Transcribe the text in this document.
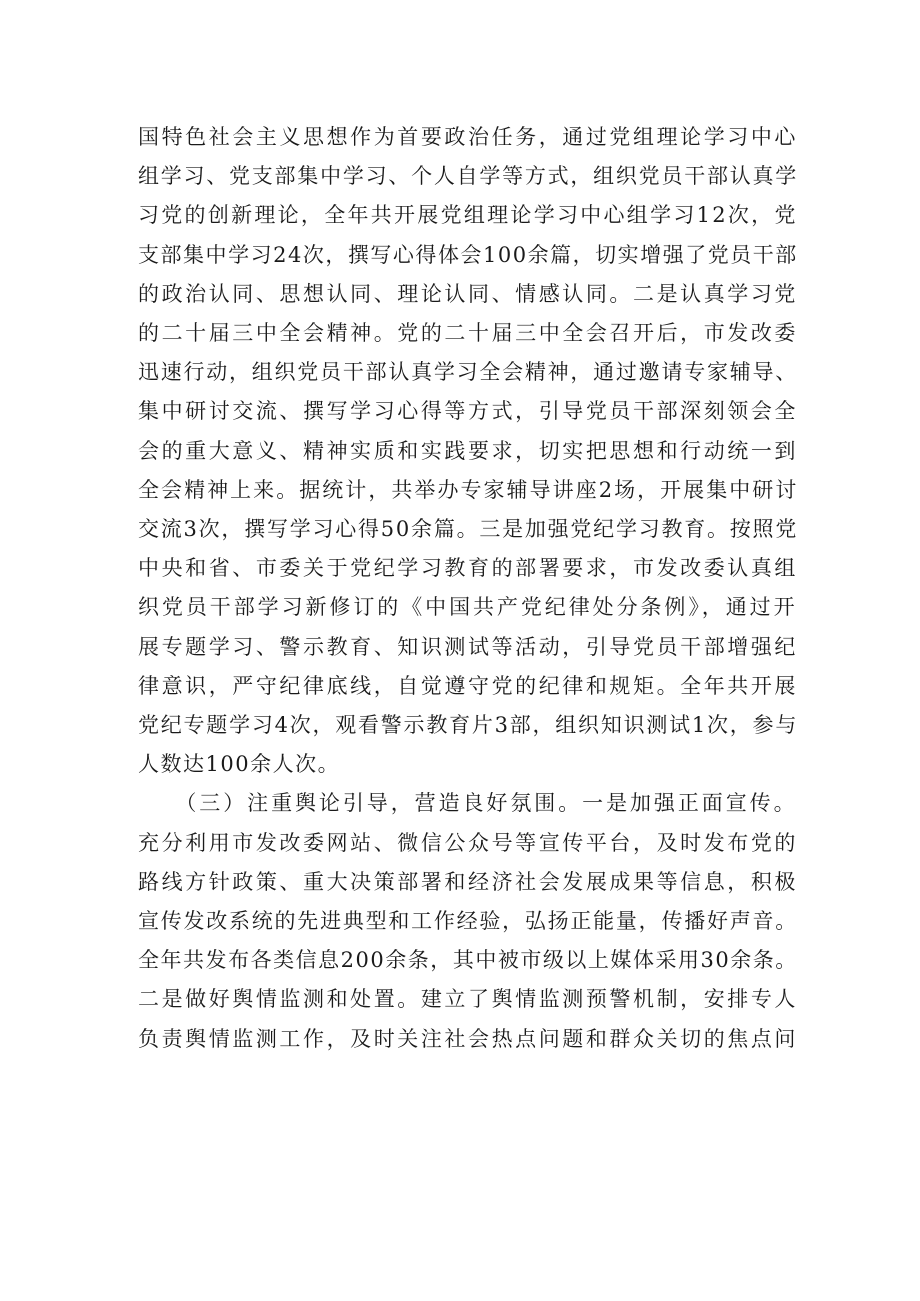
国特色社会主义思想作为首要政治任务，通过党组理论学习中心
组学习、党支部集中学习、个人自学等方式，组织党员干部认真学
习党的创新理论，全年共开展党组理论学习中心组学习12次，党
支部集中学习24次，撰写心得体会100余篇，切实增强了党员干部
的政治认同、思想认同、理论认同、情感认同。二是认真学习党
的二十届三中全会精神。党的二十届三中全会召开后，市发改委
迅速行动，组织党员干部认真学习全会精神，通过邀请专家辅导、
集中研讨交流、撰写学习心得等方式，引导党员干部深刻领会全
会的重大意义、精神实质和实践要求，切实把思想和行动统一到
全会精神上来。据统计，共举办专家辅导讲座2场，开展集中研讨
交流3次，撰写学习心得50余篇。三是加强党纪学习教育。按照党
中央和省、市委关于党纪学习教育的部署要求，市发改委认真组
织党员干部学习新修订的《中国共产党纪律处分条例》，通过开
展专题学习、警示教育、知识测试等活动，引导党员干部增强纪
律意识，严守纪律底线，自觉遵守党的纪律和规矩。全年共开展
党纪专题学习4次，观看警示教育片3部，组织知识测试1次，参与
人数达100余人次。
　　（三）注重舆论引导，营造良好氛围。一是加强正面宣传。
充分利用市发改委网站、微信公众号等宣传平台，及时发布党的
路线方针政策、重大决策部署和经济社会发展成果等信息，积极
宣传发改系统的先进典型和工作经验，弘扬正能量，传播好声音。
全年共发布各类信息200余条，其中被市级以上媒体采用30余条。
二是做好舆情监测和处置。建立了舆情监测预警机制，安排专人
负责舆情监测工作，及时关注社会热点问题和群众关切的焦点问
